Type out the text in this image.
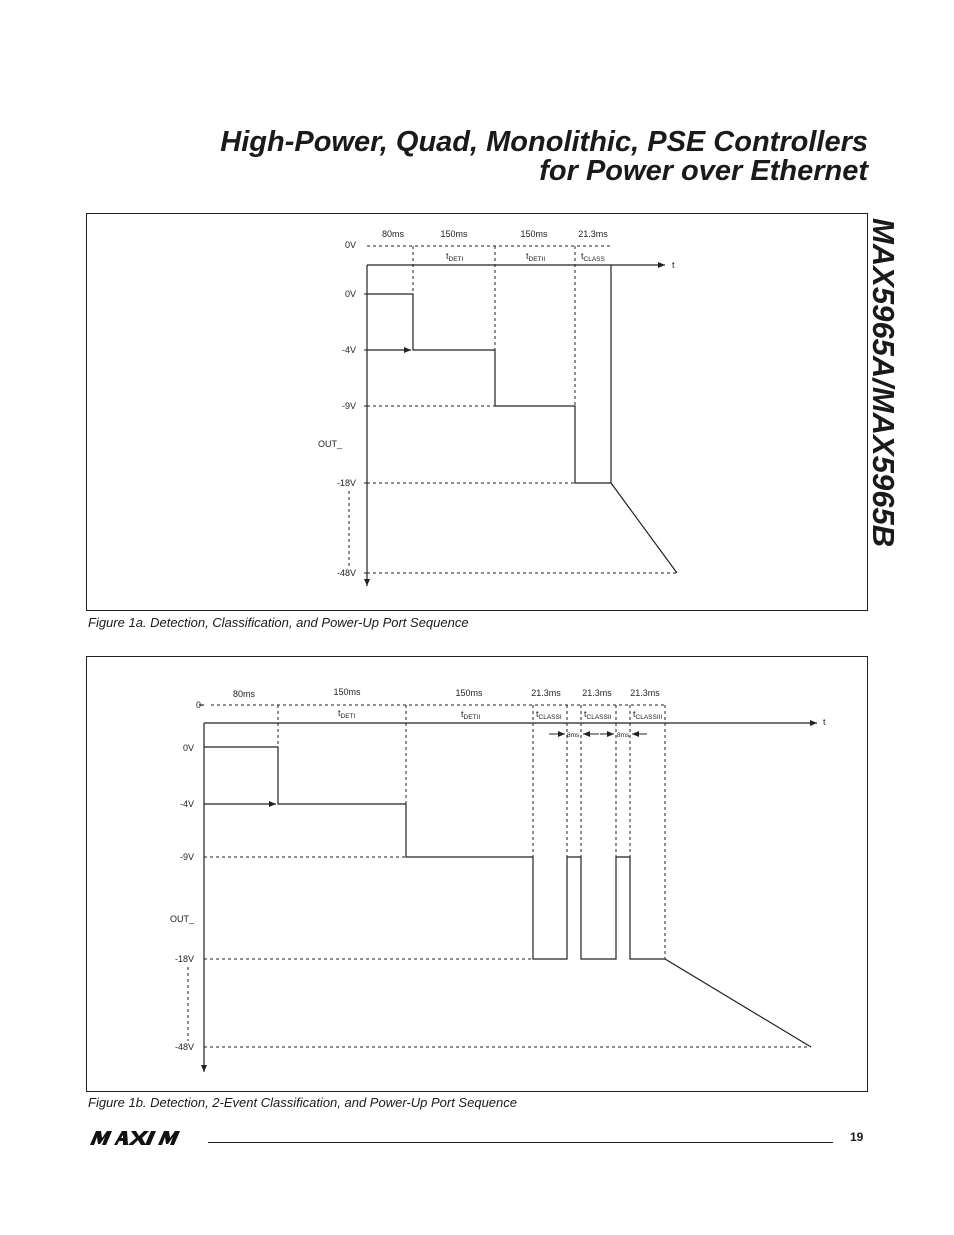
High-Power, Quad, Monolithic, PSE Controllers
for Power over Ethernet
MAX5965A/MAX5965B
80ms	150ms	150ms	21.3ms
$t_{DETI}$	$t_{DETII}$	$t_{CLASS}$
0V
0V
-4V
-9V
-18V
-48V
OUT_
t
Figure 1a. Detection, Classification, and Power-Up Port Sequence
0
80ms	150ms	150ms	21.3ms 21.3ms 21.3ms
$t_{DETI}$	$t_{DETII}$	$t_{CLASSI}$ $t_{CLASSII}$ $t_{CLASSIII}$
8ms	8ms
0V
-4V
-9V
-18V
-48V
OUT_
t
Figure 1b. Detection, 2-Event Classification, and Power-Up Port Sequence
19
